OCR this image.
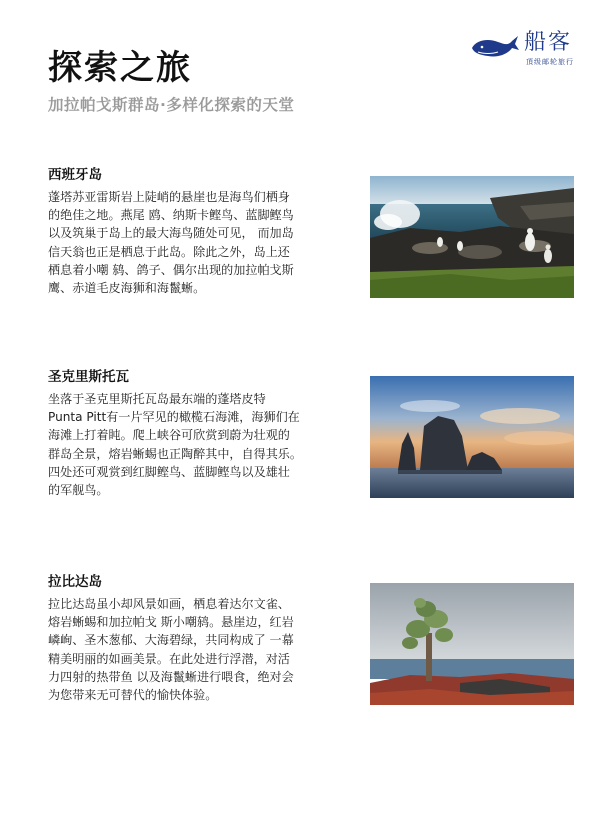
船客
頂级邮轮旅行
探索之旅
加拉帕戈斯群岛·多样化探索的天堂
西班牙岛

蓬塔苏亚雷斯岩上陡峭的悬崖也是海鸟们栖身
的绝佳之地。燕尾 鸥、纳斯卡鲣鸟、蓝脚鲣鸟
以及筑巢于岛上的最大海鸟随处可见， 而加岛
信天翁也正是栖息于此岛。除此之外，岛上还
栖息着小嘲 鸫、鸽子、偶尔出现的加拉帕戈斯
鹰、赤道毛皮海狮和海鬣蜥。

圣克里斯托瓦

坐落于圣克里斯托瓦岛最东端的蓬塔皮特
Punta Pitt有一片罕见的橄榄石海滩，海狮们在
海滩上打着盹。爬上峡谷可欣赏到蔚为壮观的
群岛全景，熔岩蜥蜴也正陶醉其中，自得其乐。
四处还可观赏到红脚鲣鸟、蓝脚鲣鸟以及雄壮
的军舰鸟。

拉比达岛

拉比达岛虽小却风景如画，栖息着达尔文雀、
熔岩蜥蜴和加拉帕戈 斯小嘲鸫。悬崖边，红岩
嶙峋、圣木葱郁、大海碧绿，共同构成了 一幕
精美明丽的如画美景。在此处进行浮潜，对活
力四射的热带鱼 以及海鬣蜥进行喂食，绝对会
为您带来无可替代的愉快体验。
